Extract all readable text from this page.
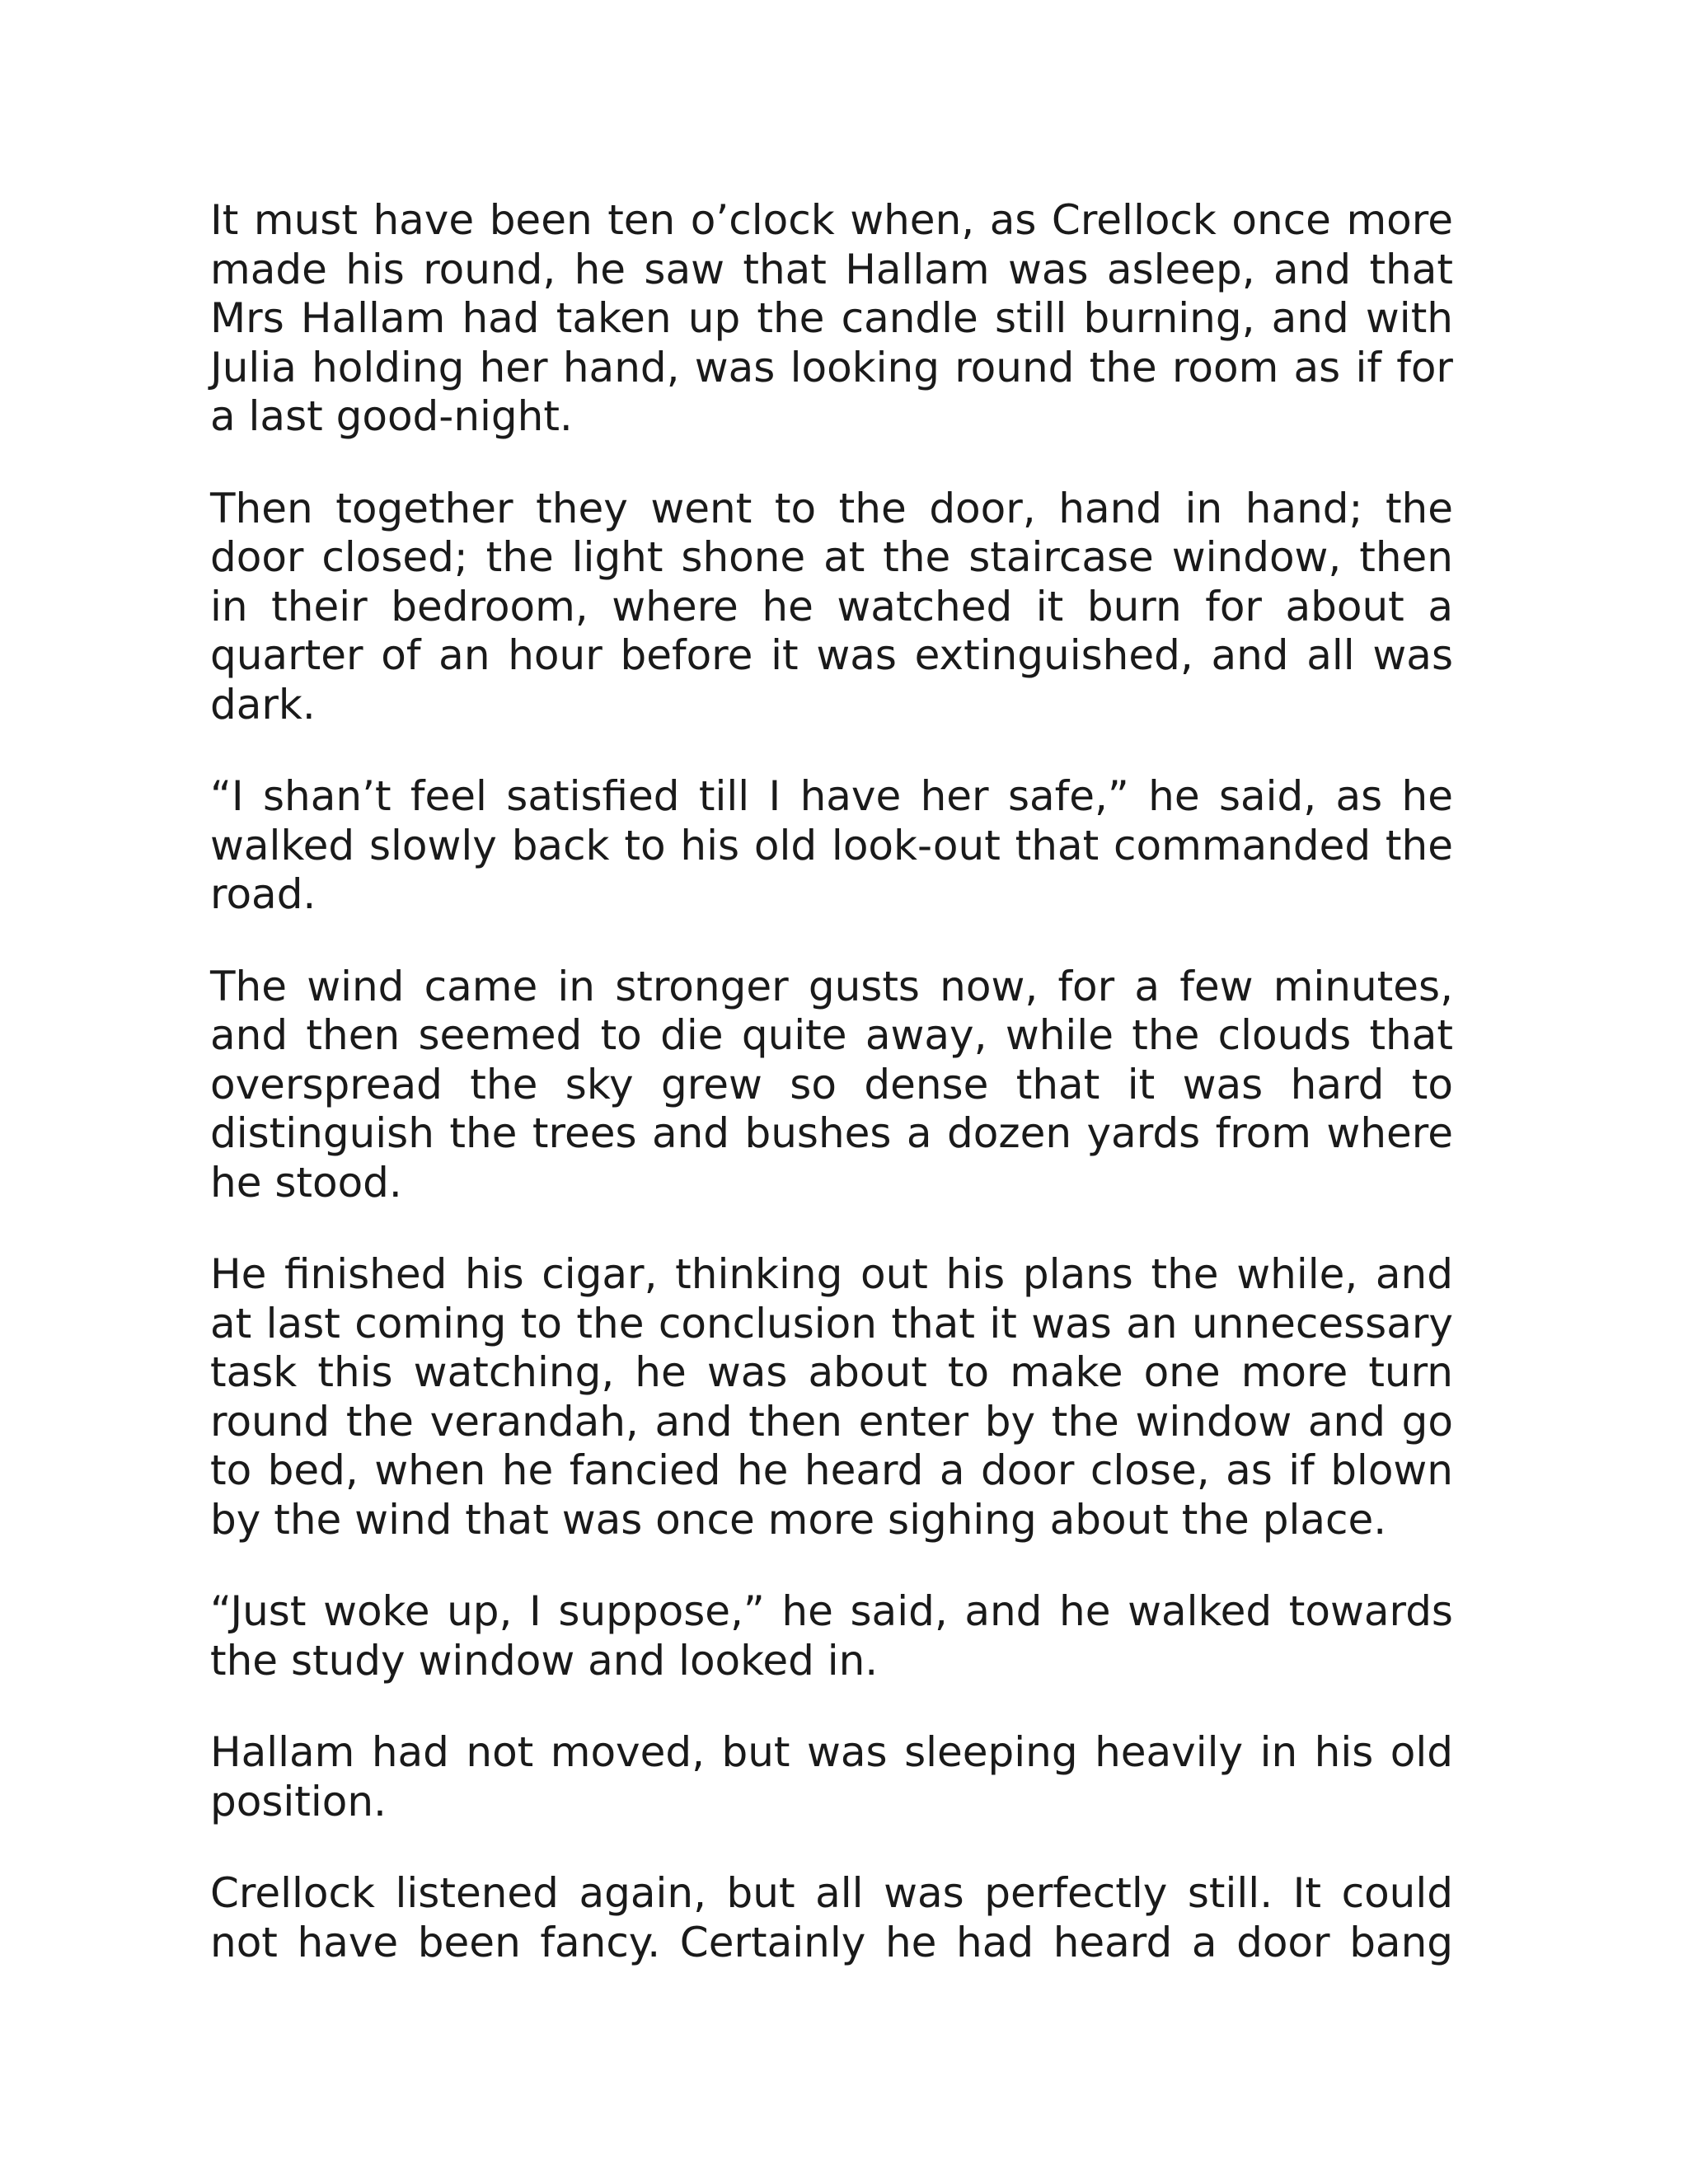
It must have been ten o’clock when, as Crellock once more made his round, he saw that Hallam was asleep, and that Mrs Hallam had taken up the candle still burning, and with Julia holding her hand, was looking round the room as if for a last good-night.

Then together they went to the door, hand in hand; the door closed; the light shone at the staircase window, then in their bedroom, where he watched it burn for about a quarter of an hour before it was extinguished, and all was dark.

“I shan’t feel satisfied till I have her safe,” he said, as he walked slowly back to his old look-out that commanded the road.

The wind came in stronger gusts now, for a few minutes, and then seemed to die quite away, while the clouds that overspread the sky grew so dense that it was hard to distinguish the trees and bushes a dozen yards from where he stood.

He finished his cigar, thinking out his plans the while, and at last coming to the conclusion that it was an unnecessary task this watching, he was about to make one more turn round the verandah, and then enter by the window and go to bed, when he fancied he heard a door close, as if blown by the wind that was once more sighing about the place.

“Just woke up, I suppose,” he said, and he walked towards the study window and looked in.

Hallam had not moved, but was sleeping heavily in his old position.

Crellock listened again, but all was perfectly still. It could not have been fancy. Certainly he had heard a door bang
